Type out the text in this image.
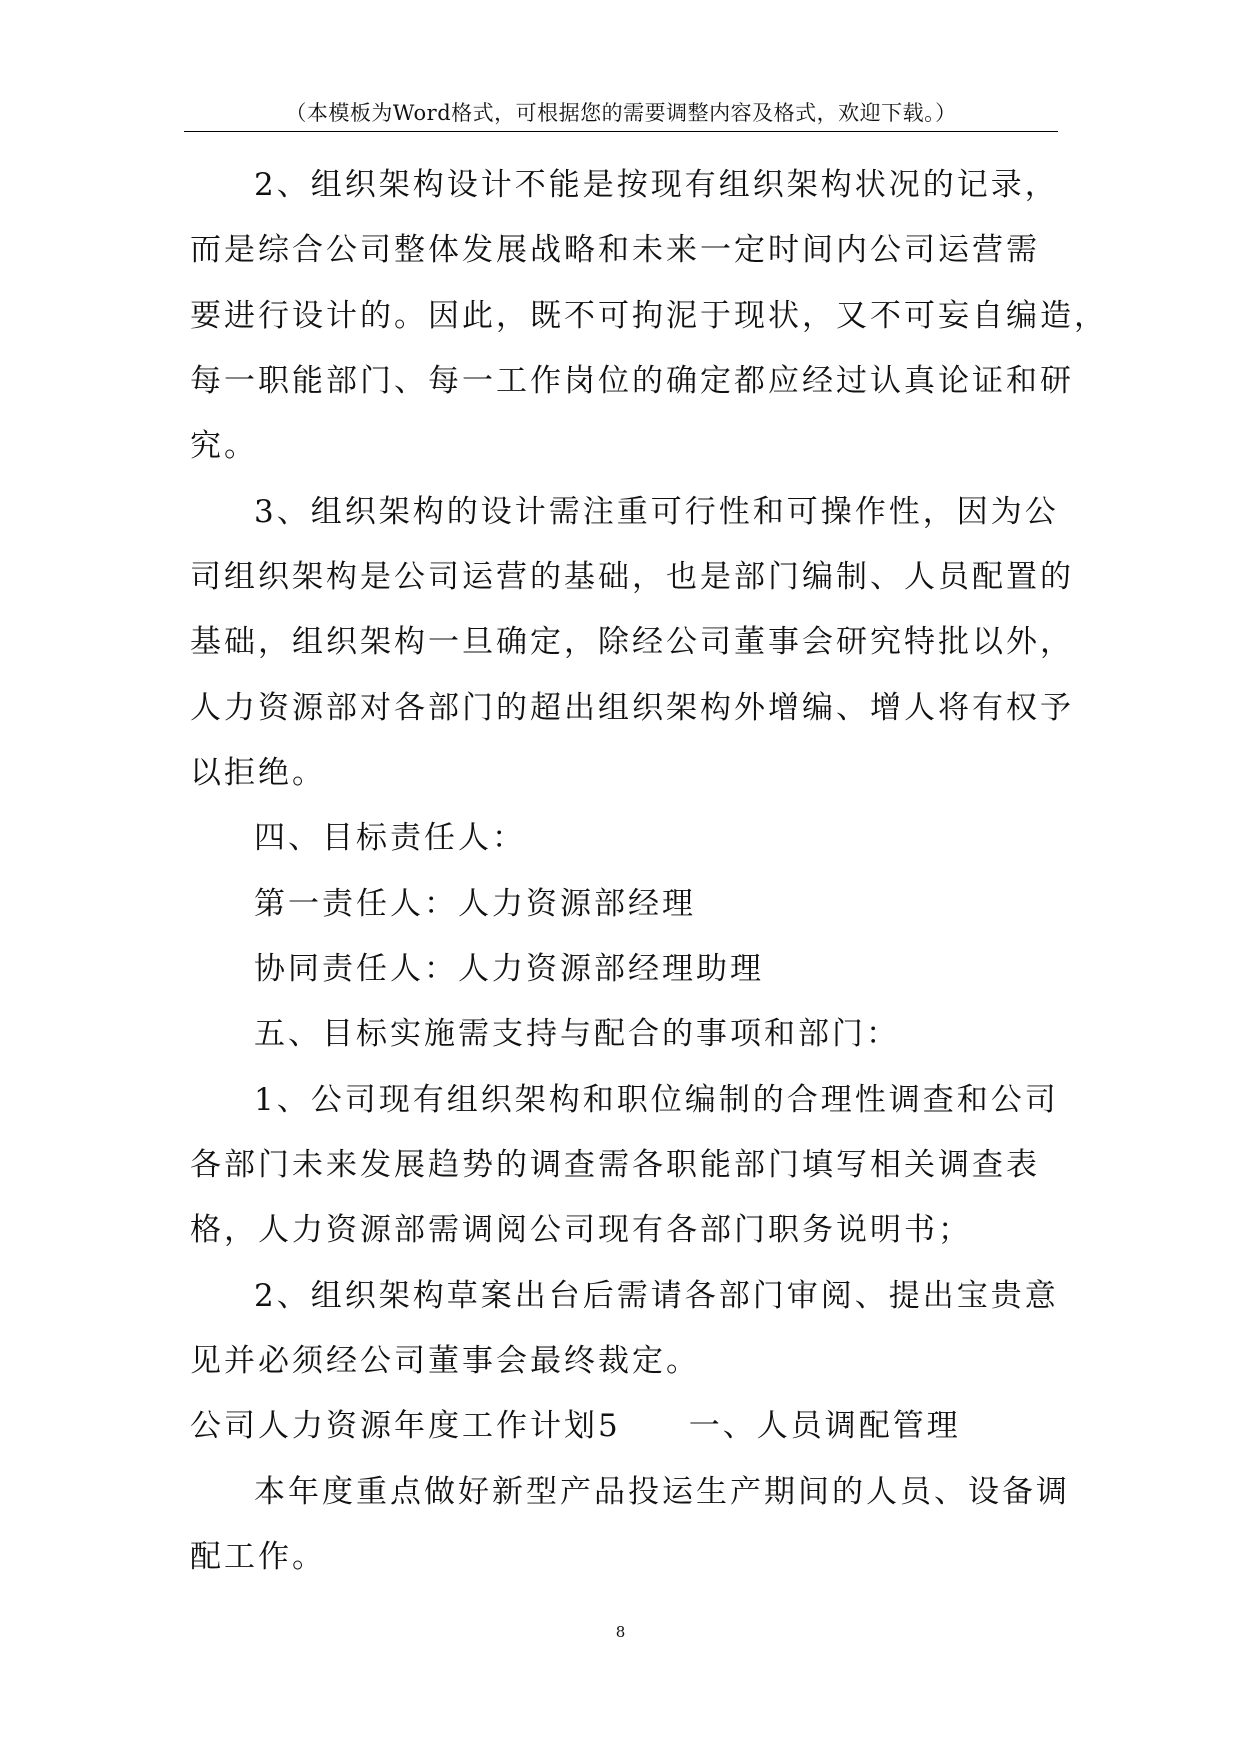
（本模板为Word格式，可根据您的需要调整内容及格式，欢迎下载。）
2、组织架构设计不能是按现有组织架构状况的记录，
而是综合公司整体发展战略和未来一定时间内公司运营需
要进行设计的。因此，既不可拘泥于现状，又不可妄自编造，
每一职能部门、每一工作岗位的确定都应经过认真论证和研
究。
3、组织架构的设计需注重可行性和可操作性，因为公
司组织架构是公司运营的基础，也是部门编制、人员配置的
基础，组织架构一旦确定，除经公司董事会研究特批以外，
人力资源部对各部门的超出组织架构外增编、增人将有权予
以拒绝。
四、目标责任人：
第一责任人：人力资源部经理
协同责任人：人力资源部经理助理
五、目标实施需支持与配合的事项和部门：
1、公司现有组织架构和职位编制的合理性调查和公司
各部门未来发展趋势的调查需各职能部门填写相关调查表
格，人力资源部需调阅公司现有各部门职务说明书；
2、组织架构草案出台后需请各部门审阅、提出宝贵意
见并必须经公司董事会最终裁定。
公司人力资源年度工作计划5　　一、人员调配管理
本年度重点做好新型产品投运生产期间的人员、设备调
配工作。
8
